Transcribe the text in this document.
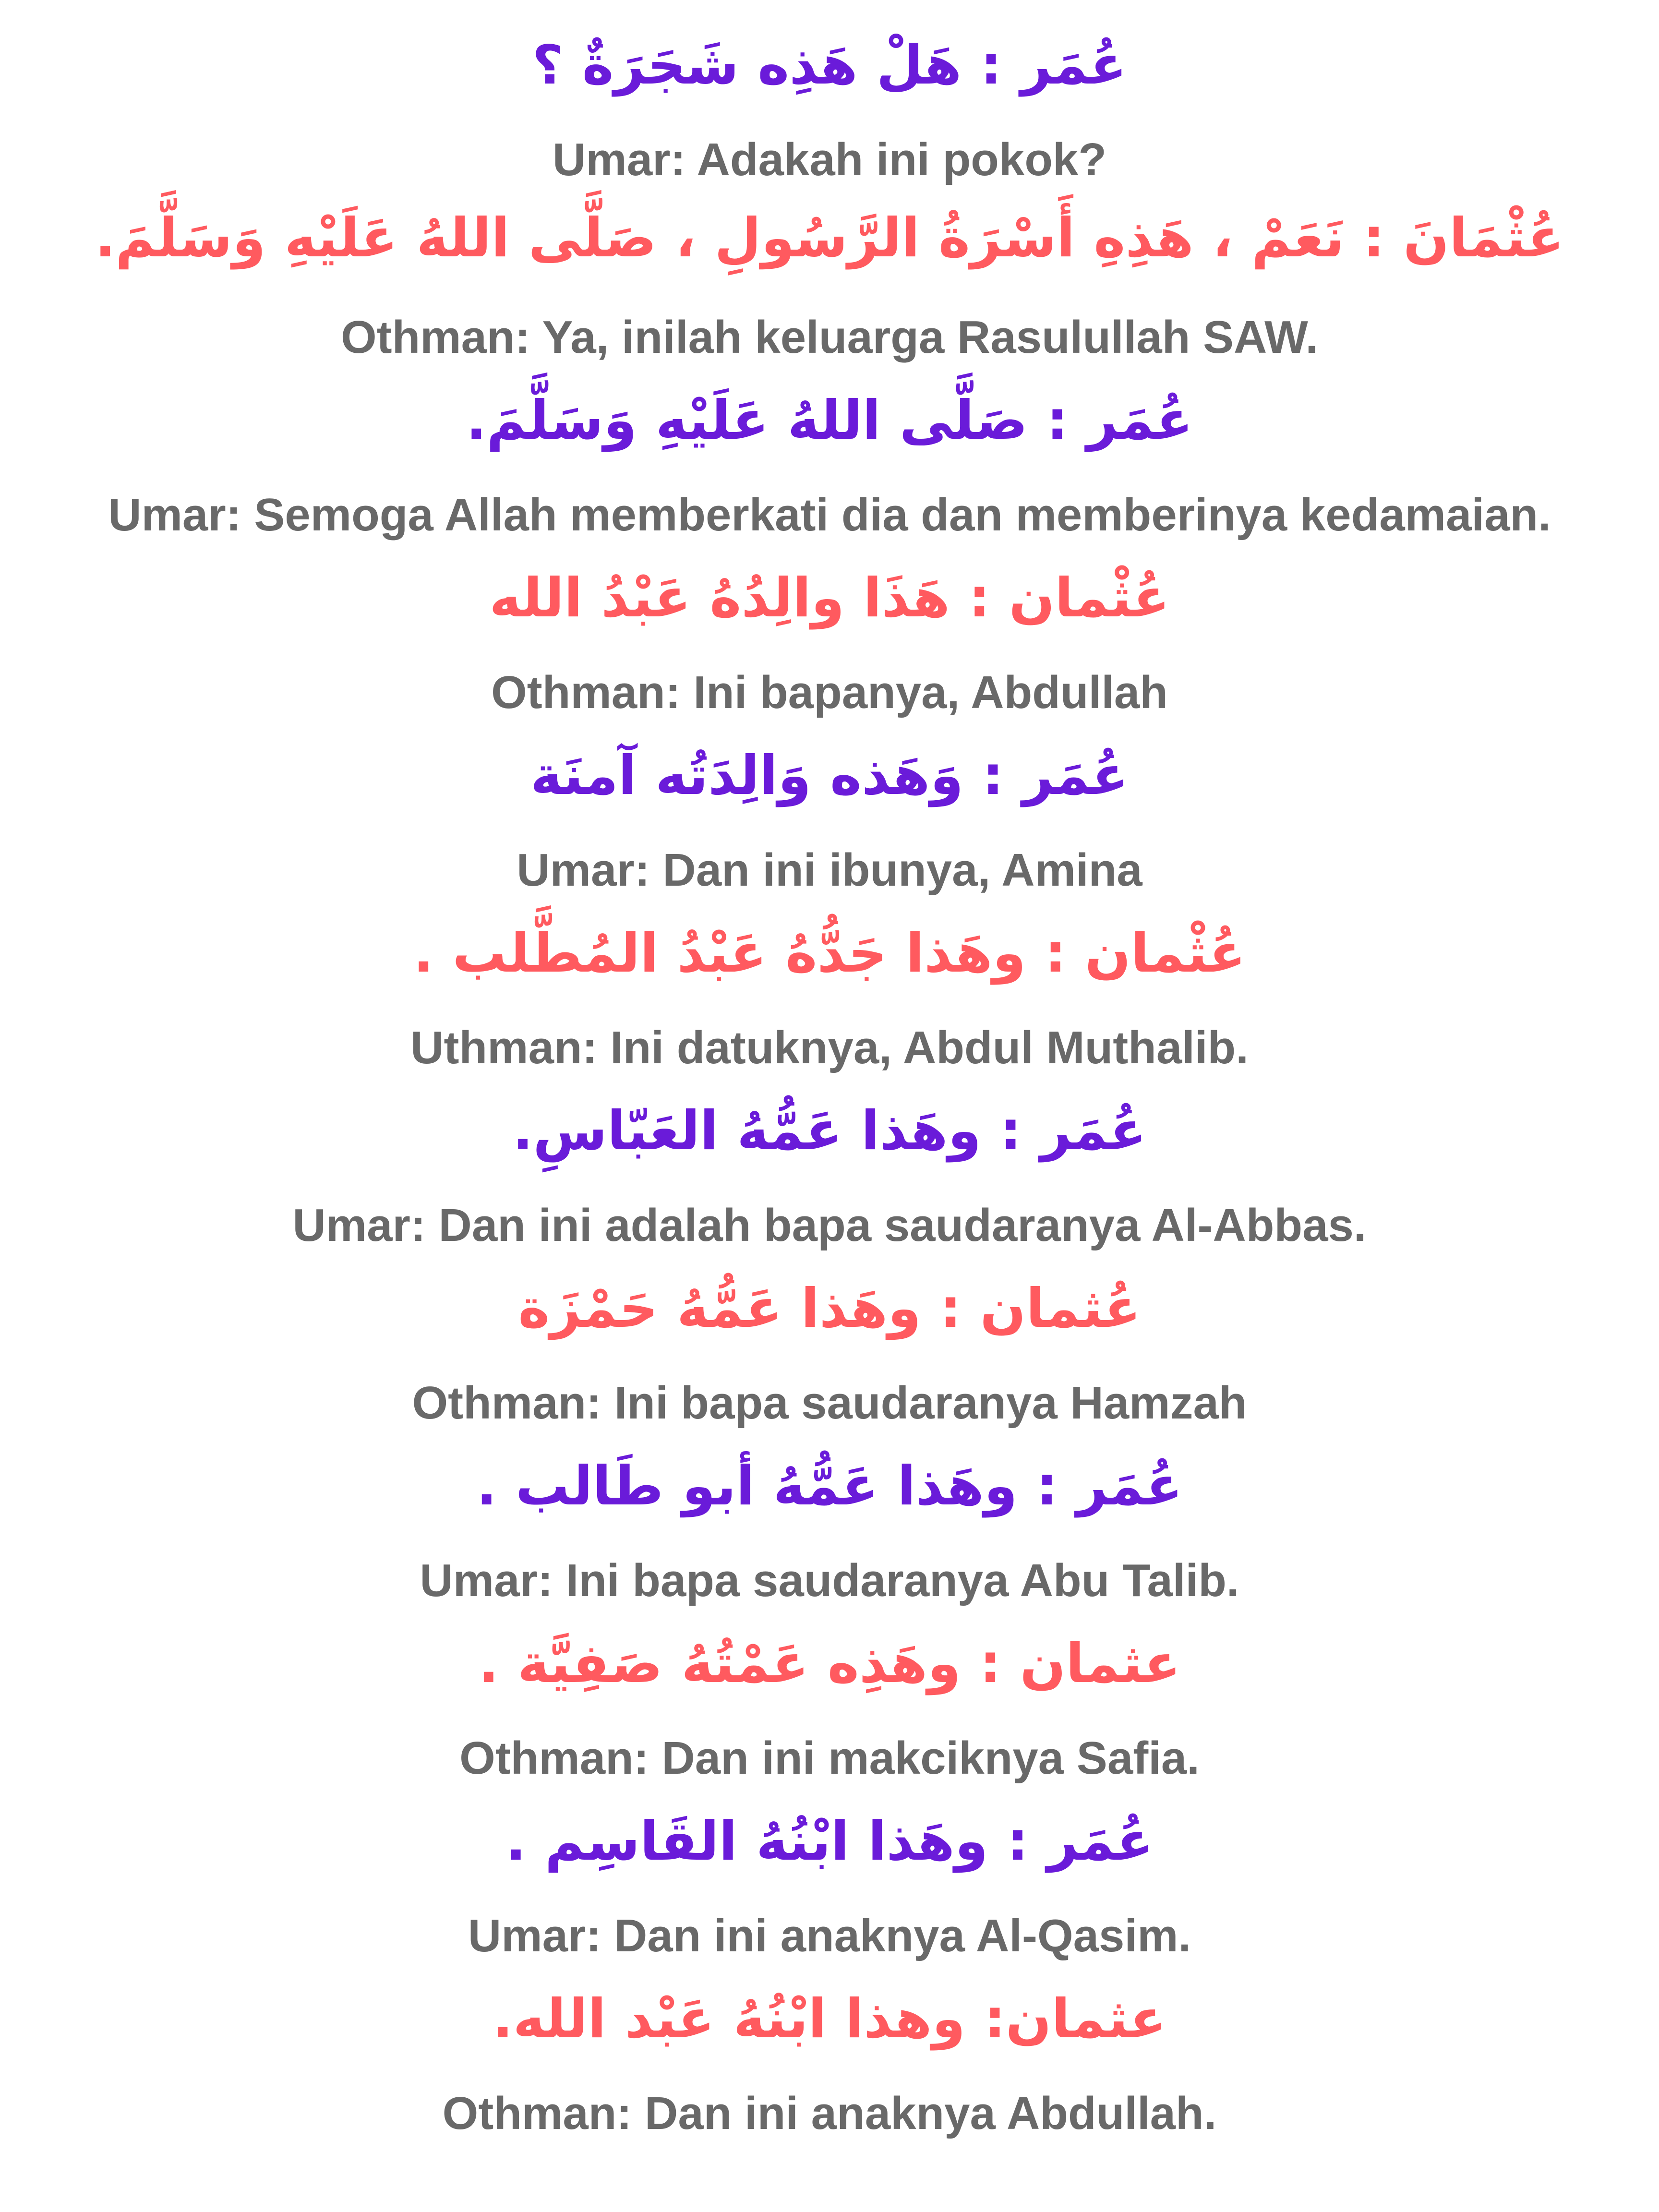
عُمَر : هَلْ هَذِه شَجَرَةٌ ؟
Umar: Adakah ini pokok?
عُثْمَانَ : نَعَمْ ، هَذِهِ أَسْرَةُ الرَّسُولِ ، صَلَّى اللهُ عَلَيْهِ وَسَلَّمَ.
Othman: Ya, inilah keluarga Rasulullah SAW.
عُمَر : صَلَّى اللهُ عَلَيْهِ وَسَلَّمَ.
Umar: Semoga Allah memberkati dia dan memberinya kedamaian.
عُثْمان : هَذَا والِدُهُ عَبْدُ الله
Othman: Ini bapanya, Abdullah
عُمَر : وَهَذه وَالِدَتُه آمنَة
Umar: Dan ini ibunya, Amina
عُثْمان : وهَذا جَدُّهُ عَبْدُ المُطَّلب .
Uthman: Ini datuknya, Abdul Muthalib.
عُمَر : وهَذا عَمُّهُ العَبّاسِ.
Umar: Dan ini adalah bapa saudaranya Al-Abbas.
عُثمان : وهَذا عَمُّهُ حَمْزَة
Othman: Ini bapa saudaranya Hamzah
عُمَر : وهَذا عَمُّهُ أبو طَالب .
Umar: Ini bapa saudaranya Abu Talib.
عثمان : وهَذِه عَمْتُهُ صَفِيَّة .
Othman: Dan ini makciknya Safia.
عُمَر : وهَذا ابْنُهُ القَاسِم .
Umar: Dan ini anaknya Al-Qasim.
عثمان: وهذا ابْنُهُ عَبْد الله.
Othman: Dan ini anaknya Abdullah.
